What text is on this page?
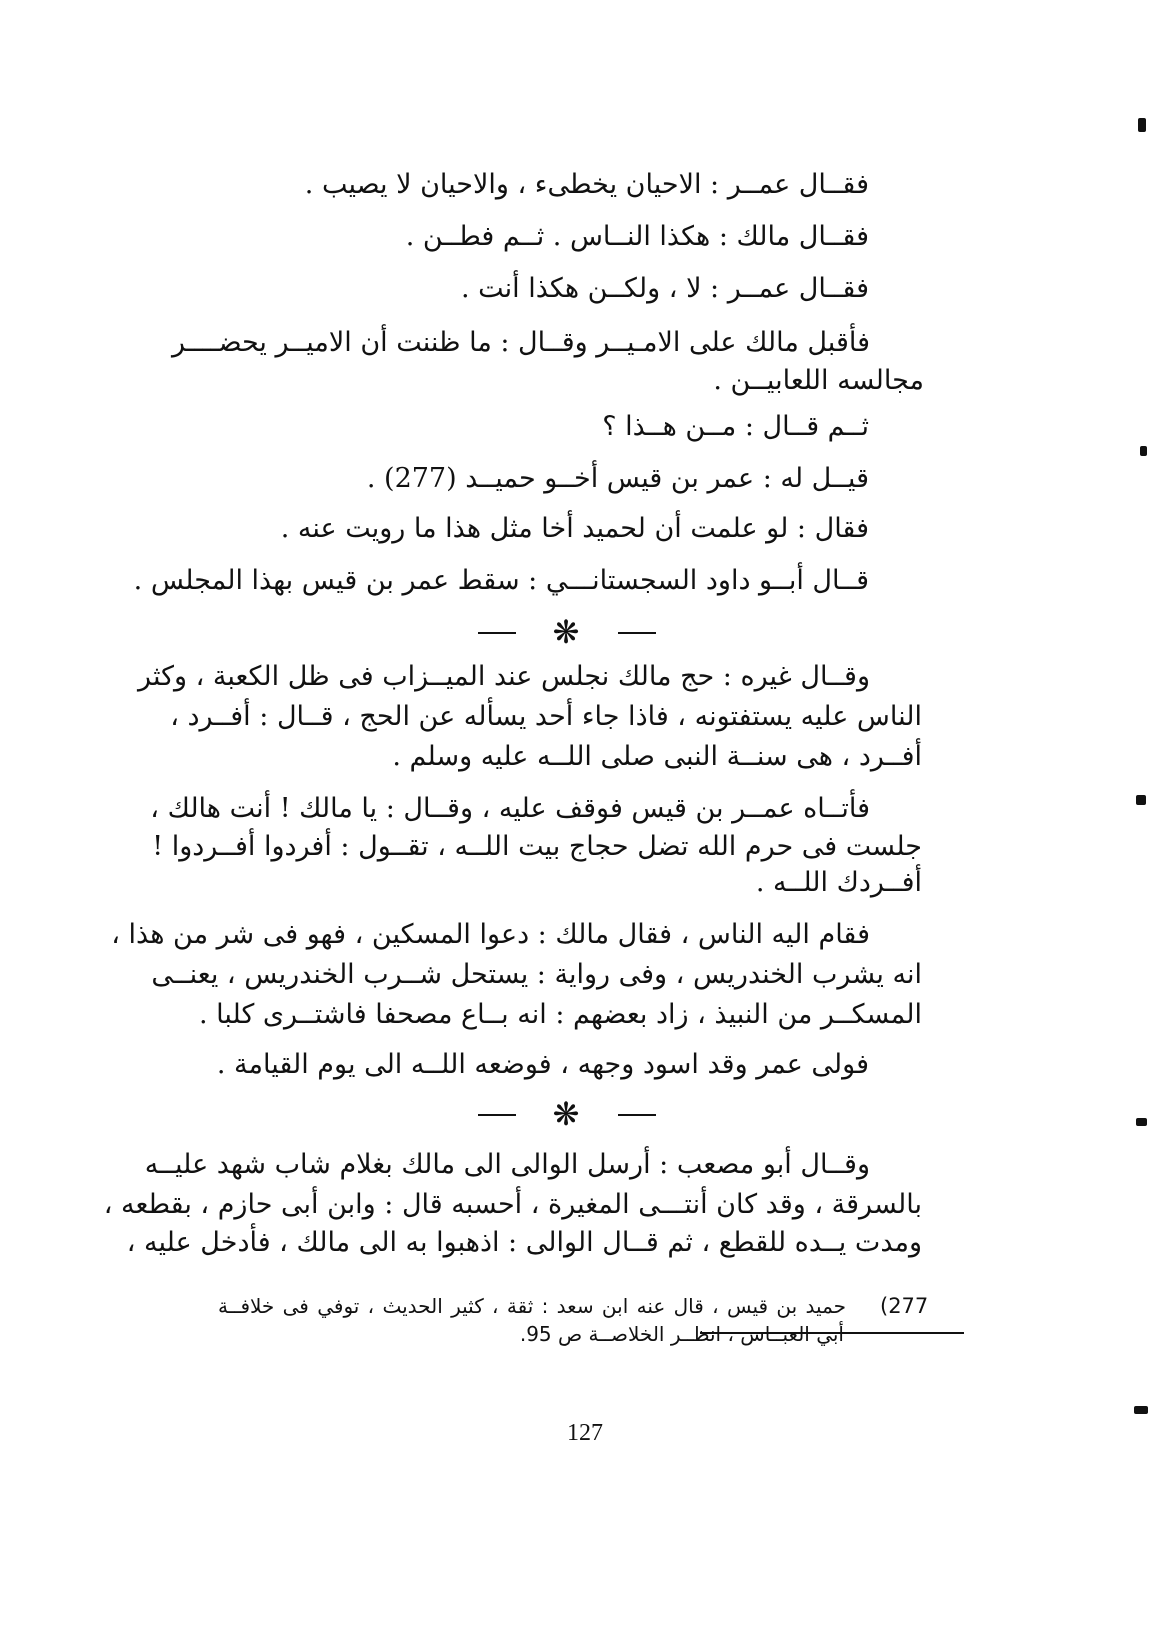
فقــال عمــر : الاحيان يخطىء ، والاحيان لا يصيب .
فقــال مالك : هكذا النــاس . ثــم فطــن .
فقــال عمــر : لا ، ولكــن هكذا أنت .
فأقبل مالك على الامـيــر وقــال : ما ظننت أن الاميــر يحضــــر
مجالسه اللعابيــن .
ثــم قــال : مــن هــذا ؟
قيــل له : عمر بن قيس أخــو حميــد (277) .
فقال : لو علمت أن لحميد أخا مثل هذا ما رويت عنه .
قــال أبــو داود السجستانـــي : سقط عمر بن قيس بهذا المجلس .
❋
وقــال غيره : حج مالك نجلس عند الميــزاب فى ظل الكعبة ، وكثر
الناس عليه يستفتونه ، فاذا جاء أحد يسأله عن الحج ، قــال : أفــرد ،
أفــرد ، هى سنــة النبى صلى اللــه عليه وسلم .
فأتــاه عمــر بن قيس فوقف عليه ، وقــال : يا مالك ! أنت هالك ،
جلست فى حرم الله تضل حجاج بيت اللــه ، تقــول : أفردوا أفــردوا !
أفــردك اللــه .
فقام اليه الناس ، فقال مالك : دعوا المسكين ، فهو فى شر من هذا ،
انه يشرب الخندريس ، وفى رواية : يستحل شــرب الخندريس ، يعنــى
المسكــر من النبيذ ، زاد بعضهم : انه بــاع مصحفا فاشتــرى كلبا .
فولى عمر وقد اسود وجهه ، فوضعه اللــه الى يوم القيامة .
❋
وقــال أبو مصعب : أرسل الوالى الى مالك بغلام شاب شهد عليــه
بالسرقة ، وقد كان أنتـــى المغيرة ، أحسبه قال : وابن أبى حازم ، بقطعه ،
ومدت يــده للقطع ، ثم قــال الوالى : اذهبوا به الى مالك ، فأدخل عليه ،
(277
حميد بن قيس ، قال عنه ابن سعد : ثقة ، كثير الحديث ، توفي فى خلافــة
أبي العبــاس ، انظــر الخلاصــة ص 95.
127
